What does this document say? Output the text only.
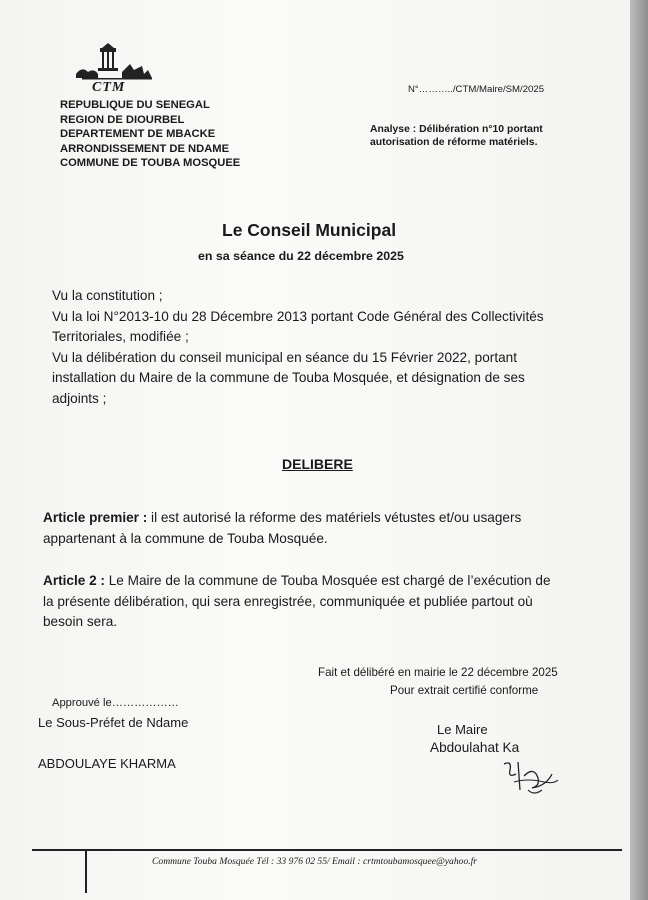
CTM
REPUBLIQUE DU SENEGAL
REGION DE DIOURBEL
DEPARTEMENT DE MBACKE
ARRONDISSEMENT DE NDAME
COMMUNE DE TOUBA MOSQUEE
N°………../CTM/Maire/SM/2025
Analyse : Délibération n°10 portant
autorisation de réforme matériels.
Le Conseil Municipal
en sa séance du 22 décembre 2025
Vu la constitution ;
Vu la loi N°2013-10 du 28 Décembre 2013 portant Code Général des Collectivités
Territoriales, modifiée ;
Vu la délibération du conseil municipal en séance du 15 Février 2022, portant
installation du Maire de la commune de Touba Mosquée, et désignation de ses
adjoints ;
DELIBERE
Article premier : il est autorisé la réforme des matériels vétustes et/ou usagers
appartenant à la commune de Touba Mosquée.
Article 2 : Le Maire de la commune de Touba Mosquée est chargé de l’exécution de
la présente délibération, qui sera enregistrée, communiquée et publiée partout où
besoin sera.
Fait et délibéré en mairie le 22 décembre 2025
Pour extrait certifié conforme
Approuvé le………………
Le Sous-Préfet de Ndame
ABDOULAYE KHARMA
Le Maire
Abdoulahat Ka
Commune Touba Mosquée Tél : 33 976 02 55/ Email : crtmtoubamosquee@yahoo.fr
